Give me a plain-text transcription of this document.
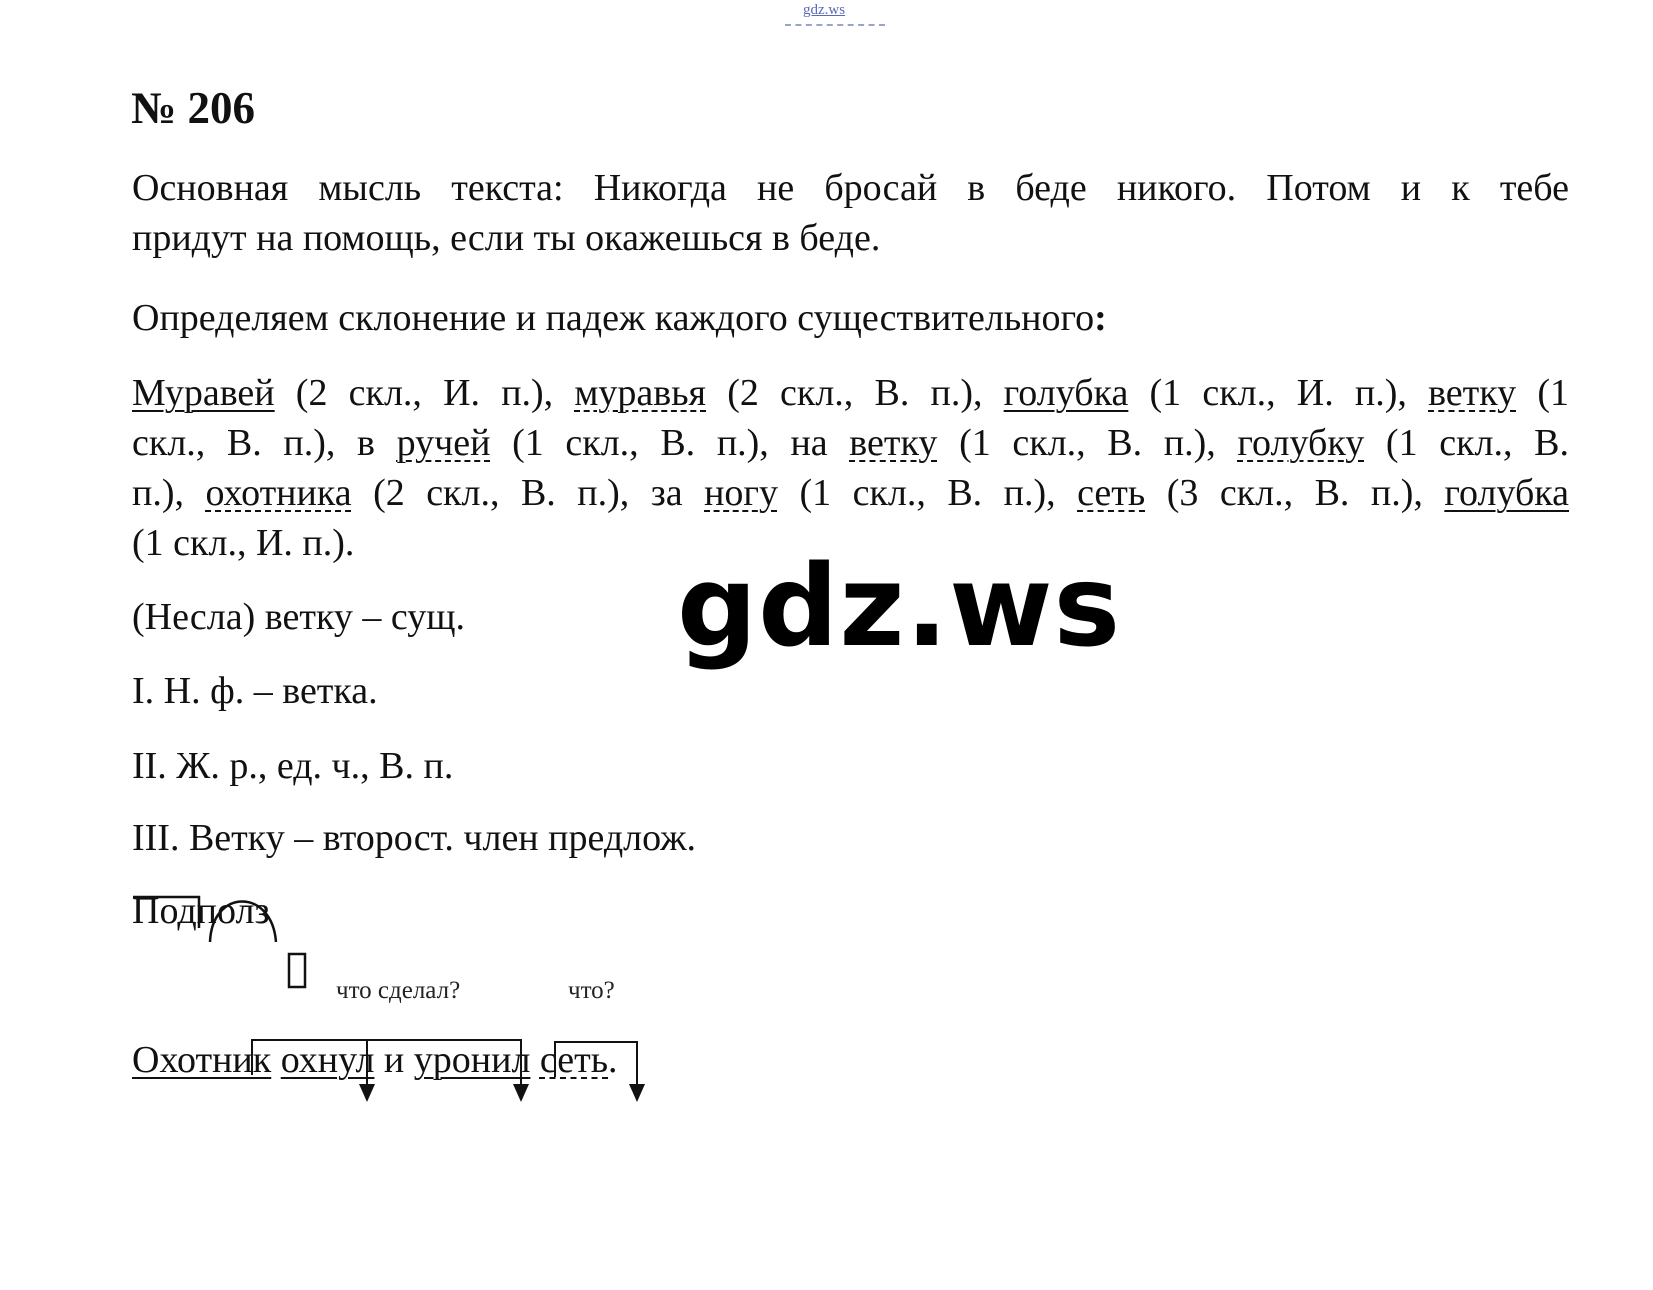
gdz.ws
№ 206
Основная мысль текста: Никогда не бросай в беде никого. Потом и к тебе
придут на помощь, если ты окажешься в беде.
Определяем склонение и падеж каждого существительного:
Муравей (2 скл., И. п.), муравья (2 скл., В. п.), голубка (1 скл., И. п.), ветку (1
скл., В. п.), в ручей (1 скл., В. п.), на ветку (1 скл., В. п.), голубку (1 скл., В.
п.), охотника (2 скл., В. п.), за ногу (1 скл., В. п.), сеть (3 скл., В. п.), голубка
(1 скл., И. п.).	gdz.ws
(Несла) ветку – сущ.
I. Н. ф. – ветка.
II. Ж. р., ед. ч., В. п.
III. Ветку – второст. член предлож.
Подполз
что сделал?	что?
Охотник охнул и уронил сеть.
